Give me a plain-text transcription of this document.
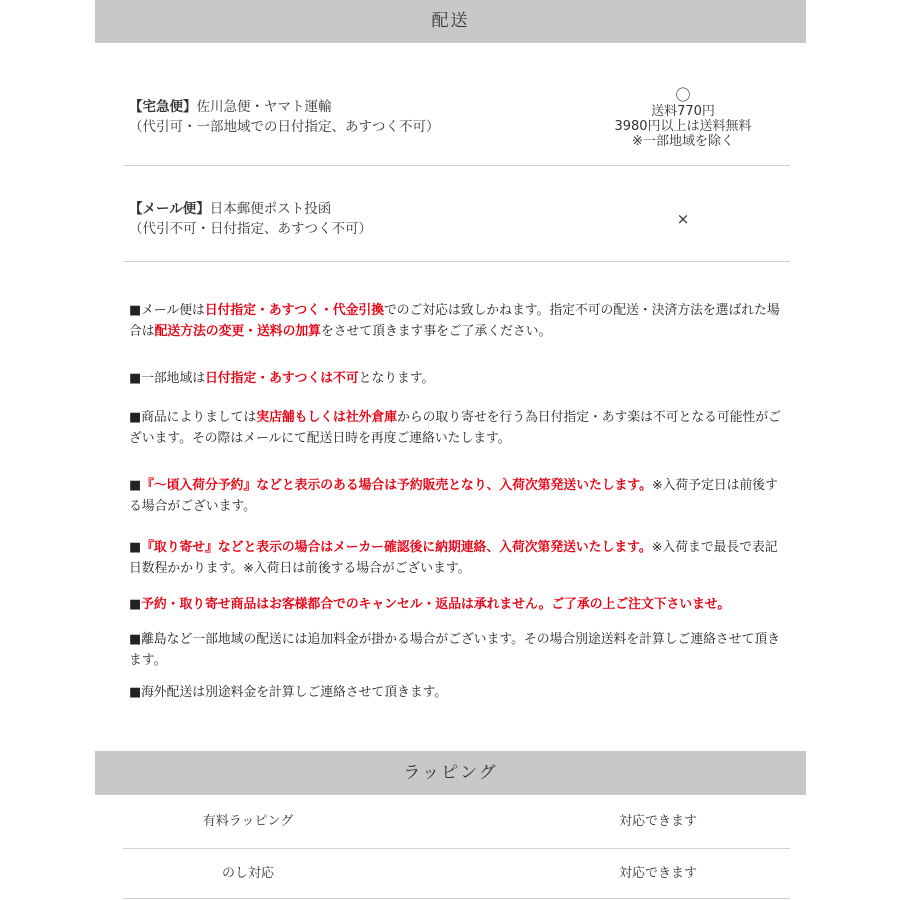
配送
【宅急便】佐川急便・ヤマト運輸
（代引可・一部地域での日付指定、あすつく不可）
〇
送料770円
3980円以上は送料無料
※一部地域を除く
【メール便】日本郵便ポスト投函
（代引不可・日付指定、あすつく不可）
×

■メール便は日付指定・あすつく・代金引換でのご対応は致しかねます。指定不可の配送・決済方法を選ばれた場合は配送方法の変更・送料の加算をさせて頂きます事をご了承ください。

■一部地域は日付指定・あすつくは不可となります。

■商品によりましては実店舗もしくは社外倉庫からの取り寄せを行う為日付指定・あす楽は不可となる可能性がございます。その際はメールにて配送日時を再度ご連絡いたします。

■『～頃入荷分予約』などと表示のある場合は予約販売となり、入荷次第発送いたします。※入荷予定日は前後する場合がございます。

■『取り寄せ』などと表示の場合はメーカー確認後に納期連絡、入荷次第発送いたします。※入荷まで最長で表記日数程かかります。※入荷日は前後する場合がございます。

■予約・取り寄せ商品はお客様都合でのキャンセル・返品は承れません。ご了承の上ご注文下さいませ。

■離島など一部地域の配送には追加料金が掛かる場合がございます。その場合別途送料を計算しご連絡させて頂きます。

■海外配送は別途料金を計算しご連絡させて頂きます。

ラッピング
有料ラッピング	対応できます
のし対応	対応できます
